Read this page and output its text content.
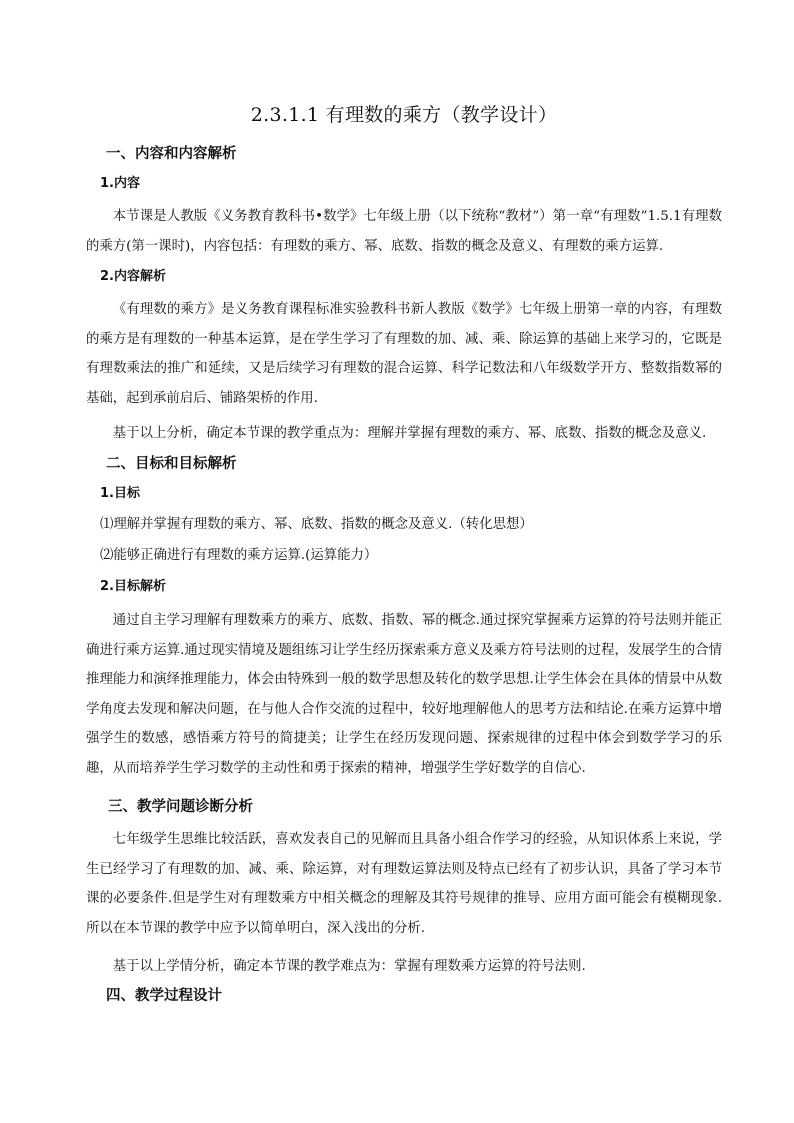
2.3.1.1 有理数的乘方（教学设计）
一、内容和内容解析
1.内容
本节课是人教版《义务教育教科书•数学》七年级上册（以下统称“教材”）第一章“有理数”1.5.1有理数的乘方(第一课时)，内容包括：有理数的乘方、幂、底数、指数的概念及意义、有理数的乘方运算.
2.内容解析
《有理数的乘方》是义务教育课程标准实验教科书新人教版《数学》七年级上册第一章的内容，有理数的乘方是有理数的一种基本运算，是在学生学习了有理数的加、减、乘、除运算的基础上来学习的，它既是有理数乘法的推广和延续，又是后续学习有理数的混合运算、科学记数法和八年级数学开方、整数指数幂的基础，起到承前启后、铺路架桥的作用.
基于以上分析，确定本节课的教学重点为：理解并掌握有理数的乘方、幂、底数、指数的概念及意义.
二、目标和目标解析
1.目标
⑴理解并掌握有理数的乘方、幂、底数、指数的概念及意义.（转化思想）
⑵能够正确进行有理数的乘方运算.(运算能力）
2.目标解析
通过自主学习理解有理数乘方的乘方、底数、指数、幂的概念.通过探究掌握乘方运算的符号法则并能正确进行乘方运算.通过现实情境及题组练习让学生经历探索乘方意义及乘方符号法则的过程，发展学生的合情推理能力和演绎推理能力，体会由特殊到一般的数学思想及转化的数学思想.让学生体会在具体的情景中从数学角度去发现和解决问题，在与他人合作交流的过程中，较好地理解他人的思考方法和结论.在乘方运算中增强学生的数感，感悟乘方符号的简捷美；让学生在经历发现问题、探索规律的过程中体会到数学学习的乐趣，从而培养学生学习数学的主动性和勇于探索的精神，增强学生学好数学的自信心.
三、教学问题诊断分析
七年级学生思维比较活跃，喜欢发表自己的见解而且具备小组合作学习的经验，从知识体系上来说，学生已经学习了有理数的加、减、乘、除运算，对有理数运算法则及特点已经有了初步认识，具备了学习本节课的必要条件.但是学生对有理数乘方中相关概念的理解及其符号规律的推导、应用方面可能会有模糊现象.所以在本节课的教学中应予以简单明白，深入浅出的分析.
基于以上学情分析，确定本节课的教学难点为：掌握有理数乘方运算的符号法则.
四、教学过程设计
